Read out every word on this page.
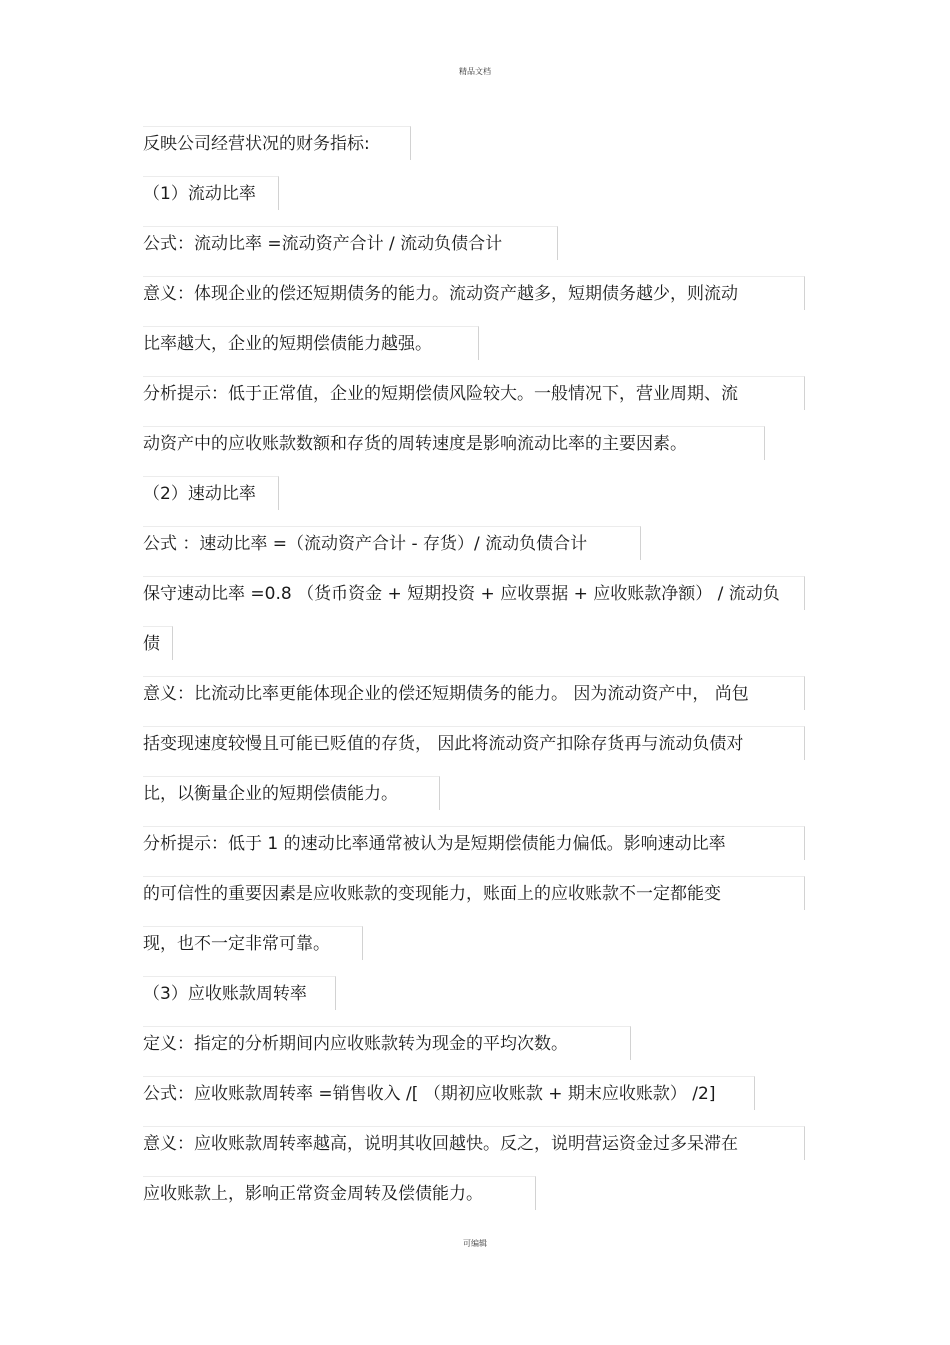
精品文档
反映公司经营状况的财务指标:
（1）流动比率
公式：流动比率 =流动资产合计 / 流动负债合计
意义：体现企业的偿还短期债务的能力。流动资产越多，短期债务越少，则流动
比率越大，企业的短期偿债能力越强。
分析提示：低于正常值，企业的短期偿债风险较大。一般情况下，营业周期、流
动资产中的应收账款数额和存货的周转速度是影响流动比率的主要因素。
（2）速动比率
公式 ：速动比率 =（流动资产合计 - 存货）/ 流动负债合计
保守速动比率 =0.8 （货币资金 + 短期投资 + 应收票据 + 应收账款净额） / 流动负
债
意义：比流动比率更能体现企业的偿还短期债务的能力。 因为流动资产中， 尚包
括变现速度较慢且可能已贬值的存货， 因此将流动资产扣除存货再与流动负债对
比，以衡量企业的短期偿债能力。
分析提示：低于 1 的速动比率通常被认为是短期偿债能力偏低。影响速动比率
的可信性的重要因素是应收账款的变现能力，账面上的应收账款不一定都能变
现，也不一定非常可靠。
（3）应收账款周转率
定义：指定的分析期间内应收账款转为现金的平均次数。
公式：应收账款周转率 =销售收入 /[ （期初应收账款 + 期末应收账款） /2]
意义：应收账款周转率越高，说明其收回越快。反之，说明营运资金过多呆滞在
应收账款上，影响正常资金周转及偿债能力。
可编辑
